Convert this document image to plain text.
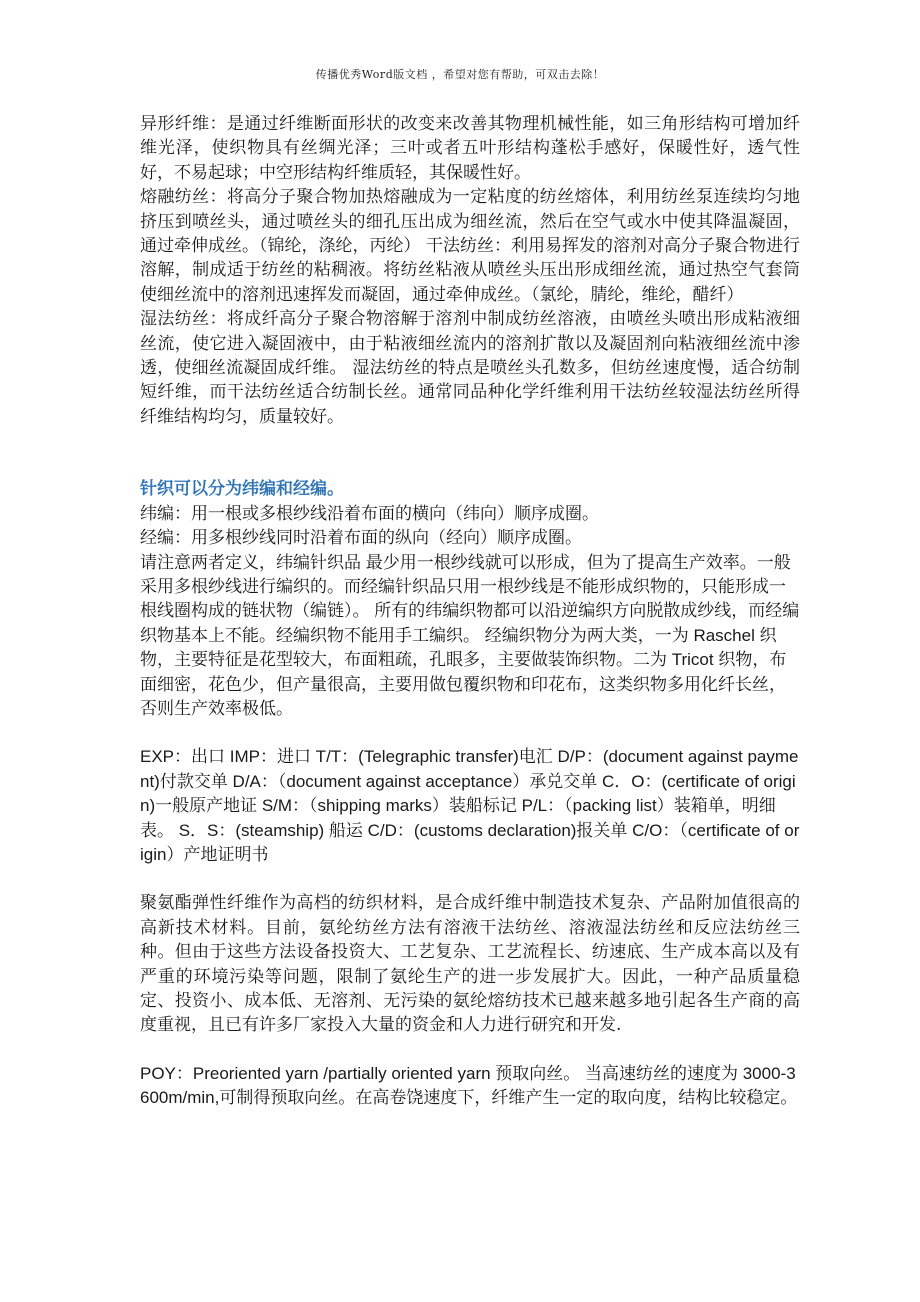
传播优秀Word版文档 ，希望对您有帮助，可双击去除！

异形纤维：是通过纤维断面形状的改变来改善其物理机械性能，如三角形结构可增加纤维光泽，使织物具有丝绸光泽；三叶或者五叶形结构蓬松手感好，保暖性好，透气性好，不易起球；中空形结构纤维质轻，其保暖性好。

熔融纺丝：将高分子聚合物加热熔融成为一定粘度的纺丝熔体，利用纺丝泵连续均匀地挤压到喷丝头，通过喷丝头的细孔压出成为细丝流，然后在空气或水中使其降温凝固，通过牵伸成丝。（锦纶，涤纶，丙纶） 干法纺丝：利用易挥发的溶剂对高分子聚合物进行溶解，制成适于纺丝的粘稠液。将纺丝粘液从喷丝头压出形成细丝流，通过热空气套筒使细丝流中的溶剂迅速挥发而凝固，通过牵伸成丝。（氯纶，腈纶，维纶，醋纤）

湿法纺丝：将成纤高分子聚合物溶解于溶剂中制成纺丝溶液，由喷丝头喷出形成粘液细丝流，使它进入凝固液中，由于粘液细丝流内的溶剂扩散以及凝固剂向粘液细丝流中渗透，使细丝流凝固成纤维。 湿法纺丝的特点是喷丝头孔数多，但纺丝速度慢，适合纺制短纤维，而干法纺丝适合纺制长丝。通常同品种化学纤维利用干法纺丝较湿法纺丝所得纤维结构均匀，质量较好。

针织可以分为纬编和经编。

纬编：用一根或多根纱线沿着布面的横向（纬向）顺序成圈。

经编：用多根纱线同时沿着布面的纵向（经向）顺序成圈。

请注意两者定义，纬编针织品 最少用一根纱线就可以形成，但为了提高生产效率。一般采用多根纱线进行编织的。而经编针织品只用一根纱线是不能形成织物的，只能形成一根线圈构成的链状物（编链）。 所有的纬编织物都可以沿逆编织方向脱散成纱线，而经编织物基本上不能。经编织物不能用手工编织。 经编织物分为两大类，一为 Raschel 织物，主要特征是花型较大，布面粗疏，孔眼多，主要做装饰织物。二为 Tricot 织物，布面细密，花色少，但产量很高，主要用做包覆织物和印花布，这类织物多用化纤长丝，否则生产效率极低。

EXP：出口 IMP：进口 T/T：(Telegraphic transfer)电汇 D/P：(document against payment)付款交单 D/A：（document against acceptance）承兑交单 C．O：(certificate of origin)一般原产地证 S/M：（shipping marks）装船标记 P/L：（packing list）装箱单，明细表。 S．S：(steamship) 船运 C/D：(customs declaration)报关单 C/O：（certificate of origin）产地证明书

聚氨酯弹性纤维作为高档的纺织材料，是合成纤维中制造技术复杂、产品附加值很高的高新技术材料。目前，氨纶纺丝方法有溶液干法纺丝、溶液湿法纺丝和反应法纺丝三种。但由于这些方法设备投资大、工艺复杂、工艺流程长、纺速底、生产成本高以及有严重的环境污染等问题，限制了氨纶生产的进一步发展扩大。因此，一种产品质量稳定、投资小、成本低、无溶剂、无污染的氨纶熔纺技术已越来越多地引起各生产商的高度重视，且已有许多厂家投入大量的资金和人力进行研究和开发.

POY：Preoriented yarn /partially oriented yarn 预取向丝。 当高速纺丝的速度为 3000-3600m/min,可制得预取向丝。在高卷饶速度下，纤维产生一定的取向度，结构比较稳定。
